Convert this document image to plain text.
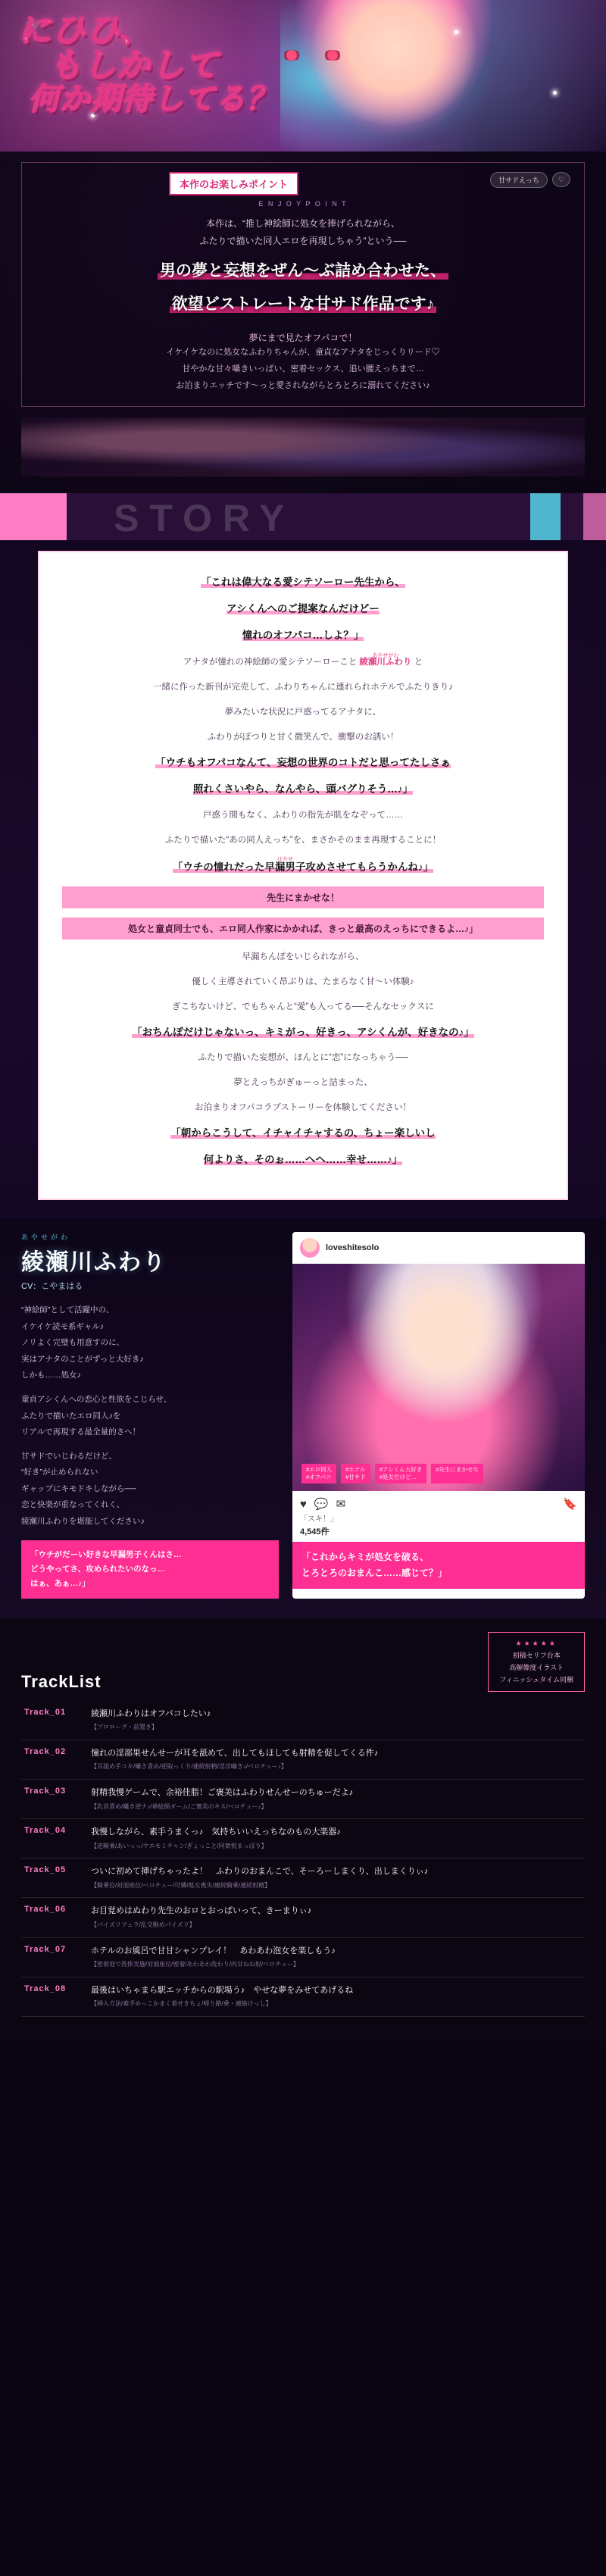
にひひ、
もしかして
何か期待してる？
甘サドえっち	♡
本作のお楽しみポイント
E N J O Y P O I N T
本作は、“推し神絵師に処女を捧げられながら、
ふたりで描いた同人エロを再現しちゃう”という──
男の夢と妄想をぜん〜ぶ詰め合わせた、
欲望どストレートな甘サド作品です♪
夢にまで見たオフパコで！
イケイケなのに処女なふわりちゃんが、童貞なアナタをじっくりリード♡
甘やかな甘々囁きいっぱい、密着セックス、追い腰えっちまで…
お泊まりエッチです〜っと愛されながらとろとろに溺れてください♪
STORY
「これは偉大なる愛シテソーロー先生から、
アシくんへのご提案なんだけどー
憧れのオフパコ…しよ？」
アナタが憧れの神絵師の愛シテソーローこと
あやせがわ
綾瀬川ふわり と
一緒に作った新刊が完売して、ふわりちゃんに連れられホテルでふたりきり♪
夢みたいな状況に戸惑ってるアナタに、
ふわりがぽつりと甘く微笑んで、衝撃のお誘い！
「ウチもオフパコなんて、妄想の世界のコトだと思ってたしさぁ
照れくさいやら、なんやら、頭バグりそう…♪」
戸惑う間もなく、ふわりの指先が肌をなぞって……
ふたりで描いた“あの同人えっち”を、まさかそのまま再現することに！
「ウチの憧れだった
はやせ
早漏男子攻めさせてもらうかんね♪」
先生にまかせな！
処女と童貞同士でも、エロ同人作家にかかれば、きっと最高のえっちにできるよ…♪」
早漏ちんぽをいじられながら、
優しく主導されていく昂ぶりは、たまらなく甘〜い体験♪
ぎこちないけど、でもちゃんと“愛”も入ってる──そんなセックスに
「おちんぽだけじゃないっ、キミがっ、好きっ、アシくんが、好きなの♪」
ふたりで描いた妄想が、ほんとに“恋”になっちゃう──
夢とえっちがぎゅーっと詰まった、
お泊まりオフパコラブストーリーを体験してください！
「朝からこうして、イチャイチャするの、ちょー楽しいし
何よりさ、そのぉ……へへ……幸せ……♪」
あやせがわ
綾瀬川ふわり
CV：こやまはる
“神絵師”として活躍中の、
イケイケ読モ系ギャル♪
ノリよく完璧も用意すのに、
実はアナタのことがずっと大好き♪
しかも……処女♪
童貞アシくんへの恋心と性欲をこじらせ、
ふたりで描いたエロ同人♪を
リアルで再現する最全量的さへ！
甘サドでいじわるだけど、
“好き”が止められない
ギャップにキモドキしながら──
恋と快楽が重なってくれく、
綾瀬川ふわりを堪能してください♪
「ウチがだーい好きな早漏男子くんはさ…
どうやってさ、攻められたいのなっ…
はぁ、あぁ…♪」
loveshitesolo
#エロ同人
#オフパコ
#ホテル
#甘サド
#アシくん大好き
#処女だけど…
#先生にまかせな
♥ 💬 ✉	🔖
「スキ！」
4,545件
「これからキミが処女を破る、
とろとろのおまんこ……感じて？」
TrackList
★★★★★
初稿セリフ台本
高解像度イラスト
フィニッシュタイム同梱
Track_01	綾瀬川ふわりはオフパコしたい♪
【プロローグ・前置き】
Track_02	憧れの淫部果せんせーが耳を舐めて、出してもほしても射精を促してくる件♪
【耳舐め手コキ/囁き責め/逆取っくり/連続射精/淫浮囁き♪/ベロチュー♪】
Track_03	射精我慢ゲームで、余裕佳脂！ご褒美はふわりせんせーのちゅーだよ♪
【乳首責め/囁き逆ナ♪/神絵師ダーム/ご褒美のキス/ベロチュー♪】
Track_04	我慢しながら、素手うまくっ♪　気持ちいいえっちなのもの大楽器♪
【逆騎乗/あいっっ/ヤエモミチャン/ぎょっこと/同衆悦まっぽり】
Track_05	ついに初めて挿げちゃったよ！　ふわりのおまんこで、そーろーしまくり、出しまくりぃ♪
【騎乗位/対面座位/ベロチュー/可憐/処女喪失/連続騎乗/連続射精】
Track_06	お目覚めはぬわり先生のおロとおっぱいって、きーまりぃ♪
【パイズリフェラ/乱交動めパイズリ】
Track_07	ホテルのお風呂で甘甘シャンプレイ！　あわあわ泡女を楽しもう♪
【密着泡で洗体実施/対面座位/密着/あわあわ洗わり/内甘ねね射/ベロチュー】
Track_08	最後はいちゃまら駅エッチからの駅場う♪　やせな夢をみせてあげるね
【挿入方法/素手めっこかまく着せきちょ/帰り路/乗・連絡けっし】
